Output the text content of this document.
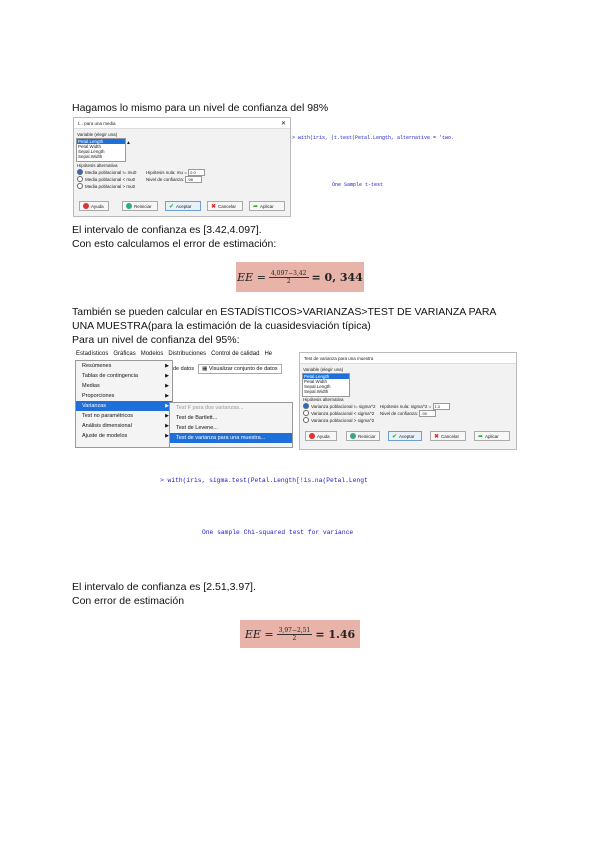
Hagamos lo mismo para un nivel de confianza del 98%
t... para una media	✕
Variable (elegir una)
Petal.Length
Petal.Width
Sepal.Length
Sepal.Width
▲
Hipótesis alternativa
Media poblacional != mu0
Media poblacional < mu0
Media poblacional > mu0
Hipótesis nula: mu = 0.0
Nivel de confianza: .98
Ayuda	Reiniciar	✔ Aceptar	✖ Cancelar	➦ Aplicar

> with(iris, (t.test(Petal.Length, alternative = 'two.

One Sample t-test

El intervalo de confianza es [3.42,4.097].
Con esto calculamos el error de estimación:
EE = $\frac{4,097-3,42}{2} = 0$, 344
También se pueden calcular en ESTADÍSTICOS>VARIANZAS>TEST DE VARIANZA PARA
UNA MUESTRA(para la estimación de la cuasidesviación típica)
Para un nivel de confianza del 95%:
Estadísticos Gráficas Modelos Distribuciones Control de calidad He
de datos	▦ Visualizar conjunto de datos
Resúmenes	▶
Tablas de contingencia	▶
Medias	▶
Proporciones	▶
Varianzas	▶
Test no paramétricos	▶
Análisis dimensional	▶
Ajuste de modelos	▶
Test F para dos varianzas...
Test de Bartlett...
Test de Levene...
Test de varianza para una muestra...
Test de varianza para una muestra
Variable (elegir una)
Petal.Length
Petal.Width
Sepal.Length
Sepal.Width
Hipótesis alternativa
Varianza poblacional != sigma^2
Varianza poblacional < sigma^2
Varianza poblacional > sigma^2
Hipótesis nula: sigma^2 = 1.0
Nivel de confianza: .95
Ayuda	Reiniciar	✔ Aceptar	✖ Cancelar	➦ Aplicar

> with(iris, sigma.test(Petal.Length[!is.na(Petal.Lengt

One sample Chi-squared test for variance

El intervalo de confianza es [2.51,3.97].
Con error de estimación
EE = $\frac{3,97-2,51}{2} = 1.46$
